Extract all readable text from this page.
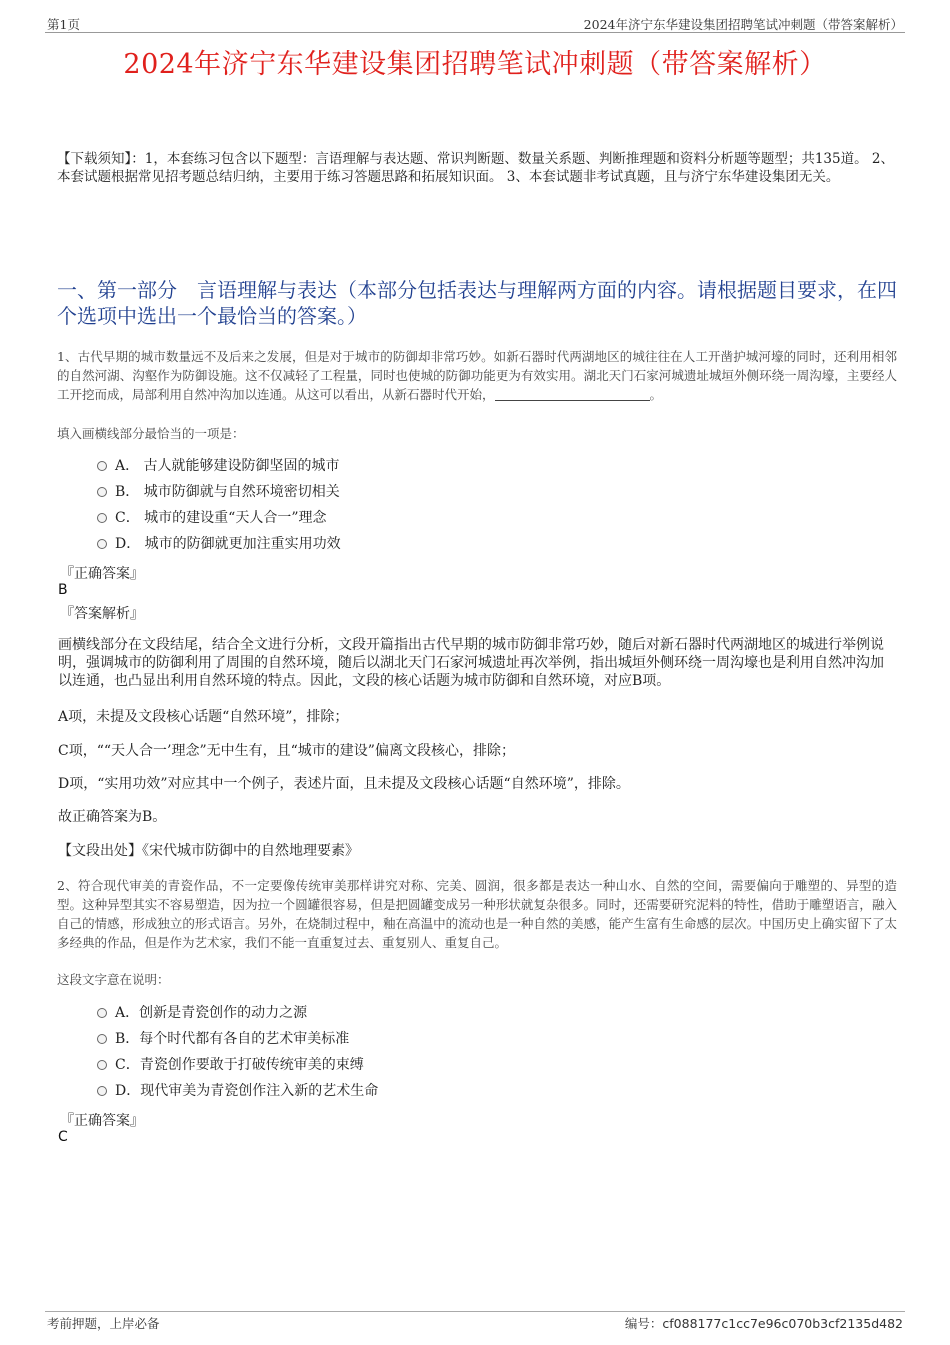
第1页	2024年济宁东华建设集团招聘笔试冲刺题（带答案解析）
2024年济宁东华建设集团招聘笔试冲刺题（带答案解析）
【下载须知】：1，本套练习包含以下题型：言语理解与表达题、常识判断题、数量关系题、判断推理题和资料分析题等题型；共135道。 2、本套试题根据常见招考题总结归纳，主要用于练习答题思路和拓展知识面。 3、本套试题非考试真题，且与济宁东华建设集团无关。
一、第一部分　言语理解与表达（本部分包括表达与理解两方面的内容。请根据题目要求，在四个选项中选出一个最恰当的答案。）
1、古代早期的城市数量远不及后来之发展，但是对于城市的防御却非常巧妙。如新石器时代两湖地区的城往往在人工开凿护城河壕的同时，还利用相邻的自然河湖、沟壑作为防御设施。这不仅减轻了工程量，同时也使城的防御功能更为有效实用。湖北天门石家河城遗址城垣外侧环绕一周沟壕，主要经人工开挖而成，局部利用自然冲沟加以连通。从这可以看出，从新石器时代开始，	。
填入画横线部分最恰当的一项是：
A． 古人就能够建设防御坚固的城市
B． 城市防御就与自然环境密切相关
C． 城市的建设重“天人合一”理念
D． 城市的防御就更加注重实用功效
『正确答案』
B
『答案解析』
画横线部分在文段结尾，结合全文进行分析，文段开篇指出古代早期的城市防御非常巧妙，随后对新石器时代两湖地区的城进行举例说明，强调城市的防御利用了周围的自然环境，随后以湖北天门石家河城遗址再次举例，指出城垣外侧环绕一周沟壕也是利用自然冲沟加以连通，也凸显出利用自然环境的特点。因此，文段的核心话题为城市防御和自然环境，对应B项。
A项，未提及文段核心话题“自然环境”，排除；
C项，““天人合一’理念”无中生有，且“城市的建设”偏离文段核心，排除；
D项，“实用功效”对应其中一个例子，表述片面，且未提及文段核心话题“自然环境”，排除。
故正确答案为B。
【文段出处】《宋代城市防御中的自然地理要素》
2、符合现代审美的青瓷作品，不一定要像传统审美那样讲究对称、完美、圆润，很多都是表达一种山水、自然的空间，需要偏向于雕塑的、异型的造型。这种异型其实不容易塑造，因为拉一个圆罐很容易，但是把圆罐变成另一种形状就复杂很多。同时，还需要研究泥料的特性，借助于雕塑语言，融入自己的情感，形成独立的形式语言。另外，在烧制过程中，釉在高温中的流动也是一种自然的美感，能产生富有生命感的层次。中国历史上确实留下了太多经典的作品，但是作为艺术家，我们不能一直重复过去、重复别人、重复自己。
这段文字意在说明：
A．创新是青瓷创作的动力之源
B．每个时代都有各自的艺术审美标准
C．青瓷创作要敢于打破传统审美的束缚
D．现代审美为青瓷创作注入新的艺术生命
『正确答案』
C
考前押题，上岸必备	编号：cf088177c1cc7e96c070b3cf2135d482
